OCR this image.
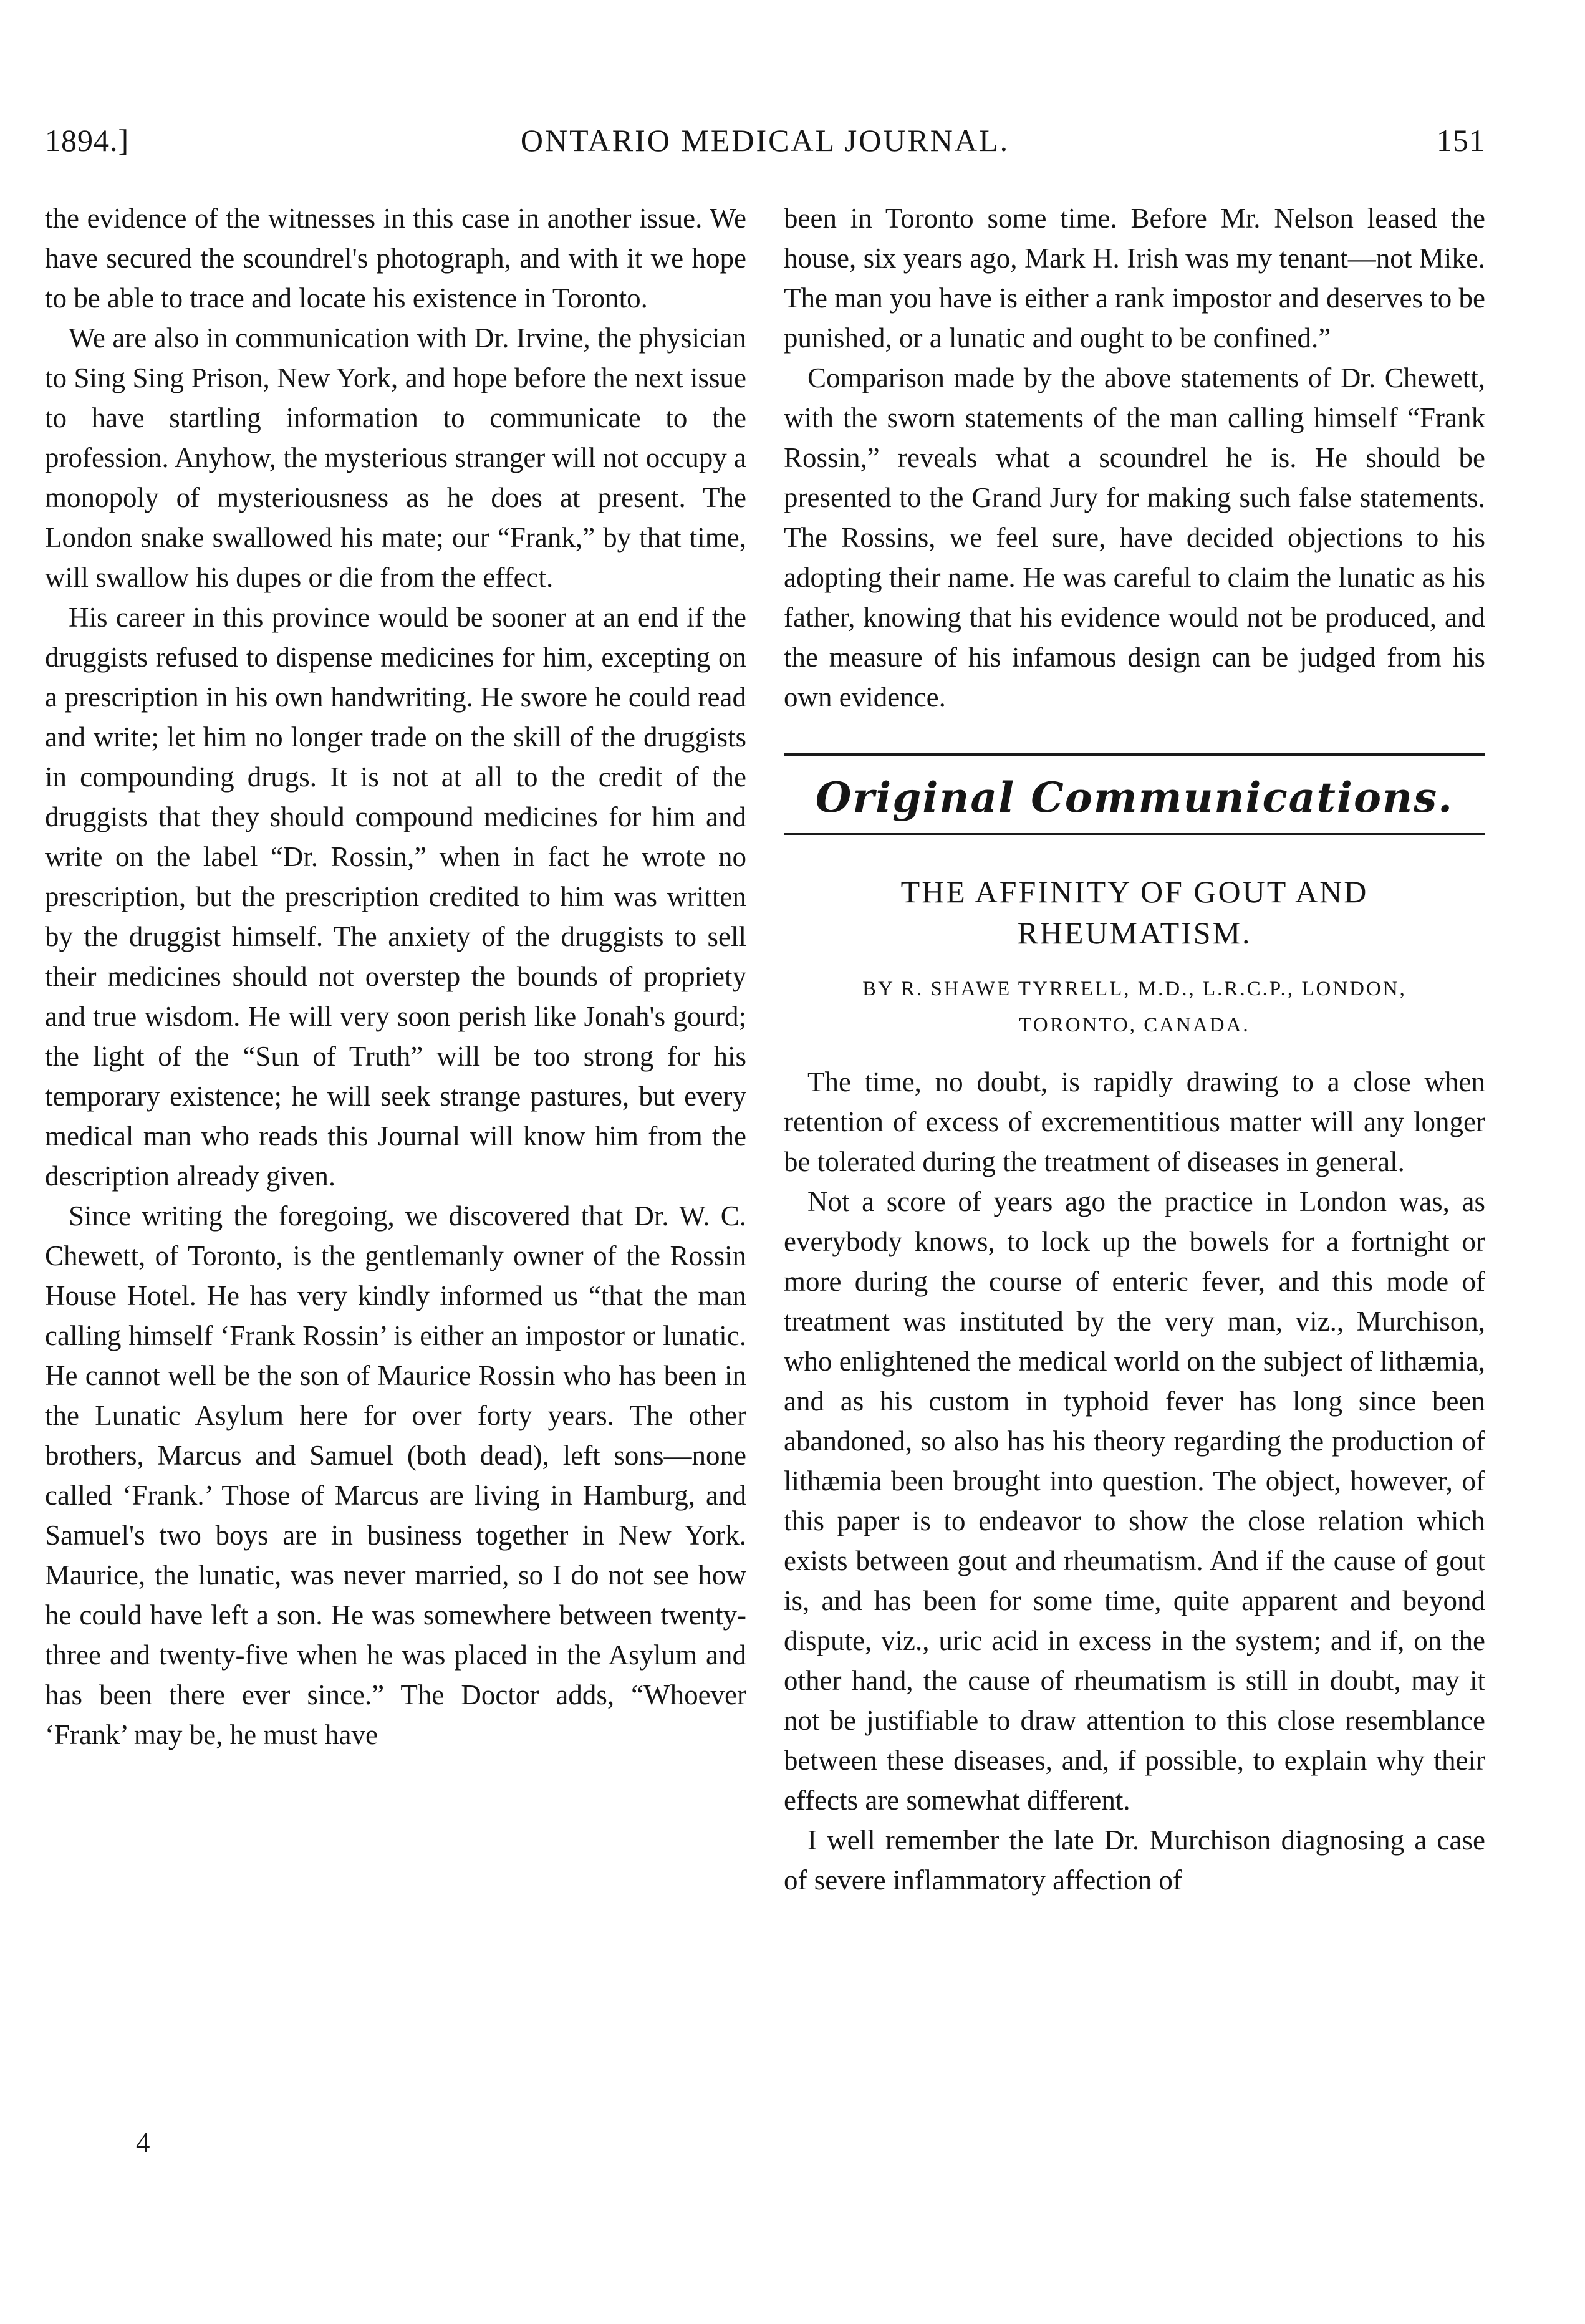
1894.]	ONTARIO MEDICAL JOURNAL.	151

the evidence of the witnesses in this case in another issue. We have secured the scoundrel's photograph, and with it we hope to be able to trace and locate his existence in Toronto.

We are also in communication with Dr. Irvine, the physician to Sing Sing Prison, New York, and hope before the next issue to have startling information to communicate to the profession. Anyhow, the mysterious stranger will not occupy a monopoly of mysteriousness as he does at present. The London snake swallowed his mate; our “Frank,” by that time, will swallow his dupes or die from the effect.

His career in this province would be sooner at an end if the druggists refused to dispense medicines for him, excepting on a prescription in his own handwriting. He swore he could read and write; let him no longer trade on the skill of the druggists in compounding drugs. It is not at all to the credit of the druggists that they should compound medicines for him and write on the label “Dr. Rossin,” when in fact he wrote no prescription, but the prescription credited to him was written by the druggist himself. The anxiety of the druggists to sell their medicines should not overstep the bounds of propriety and true wisdom. He will very soon perish like Jonah's gourd; the light of the “Sun of Truth” will be too strong for his temporary existence; he will seek strange pastures, but every medical man who reads this Journal will know him from the description already given.

Since writing the foregoing, we discovered that Dr. W. C. Chewett, of Toronto, is the gentlemanly owner of the Rossin House Hotel. He has very kindly informed us “that the man calling himself ‘Frank Rossin’ is either an impostor or lunatic. He cannot well be the son of Maurice Rossin who has been in the Lunatic Asylum here for over forty years. The other brothers, Marcus and Samuel (both dead), left sons—none called ‘Frank.’ Those of Marcus are living in Hamburg, and Samuel's two boys are in business together in New York. Maurice, the lunatic, was never married, so I do not see how he could have left a son. He was somewhere between twenty-three and twenty-five when he was placed in the Asylum and has been there ever since.” The Doctor adds, “Whoever ‘Frank’ may be, he must have

4

been in Toronto some time. Before Mr. Nelson leased the house, six years ago, Mark H. Irish was my tenant—not Mike. The man you have is either a rank impostor and deserves to be punished, or a lunatic and ought to be confined.”

Comparison made by the above statements of Dr. Chewett, with the sworn statements of the man calling himself “Frank Rossin,” reveals what a scoundrel he is. He should be presented to the Grand Jury for making such false statements. The Rossins, we feel sure, have decided objections to his adopting their name. He was careful to claim the lunatic as his father, knowing that his evidence would not be produced, and the measure of his infamous design can be judged from his own evidence.

Original Communications.
THE AFFINITY OF GOUT AND
RHEUMATISM.
BY R. SHAWE TYRRELL, M.D., L.R.C.P., LONDON,
TORONTO, CANADA.

The time, no doubt, is rapidly drawing to a close when retention of excess of excrementitious matter will any longer be tolerated during the treatment of diseases in general.

Not a score of years ago the practice in London was, as everybody knows, to lock up the bowels for a fortnight or more during the course of enteric fever, and this mode of treatment was instituted by the very man, viz., Murchison, who enlightened the medical world on the subject of lithæmia, and as his custom in typhoid fever has long since been abandoned, so also has his theory regarding the production of lithæmia been brought into question. The object, however, of this paper is to endeavor to show the close relation which exists between gout and rheumatism. And if the cause of gout is, and has been for some time, quite apparent and beyond dispute, viz., uric acid in excess in the system; and if, on the other hand, the cause of rheumatism is still in doubt, may it not be justifiable to draw attention to this close resemblance between these diseases, and, if possible, to explain why their effects are somewhat different.

I well remember the late Dr. Murchison diagnosing a case of severe inflammatory affection of
